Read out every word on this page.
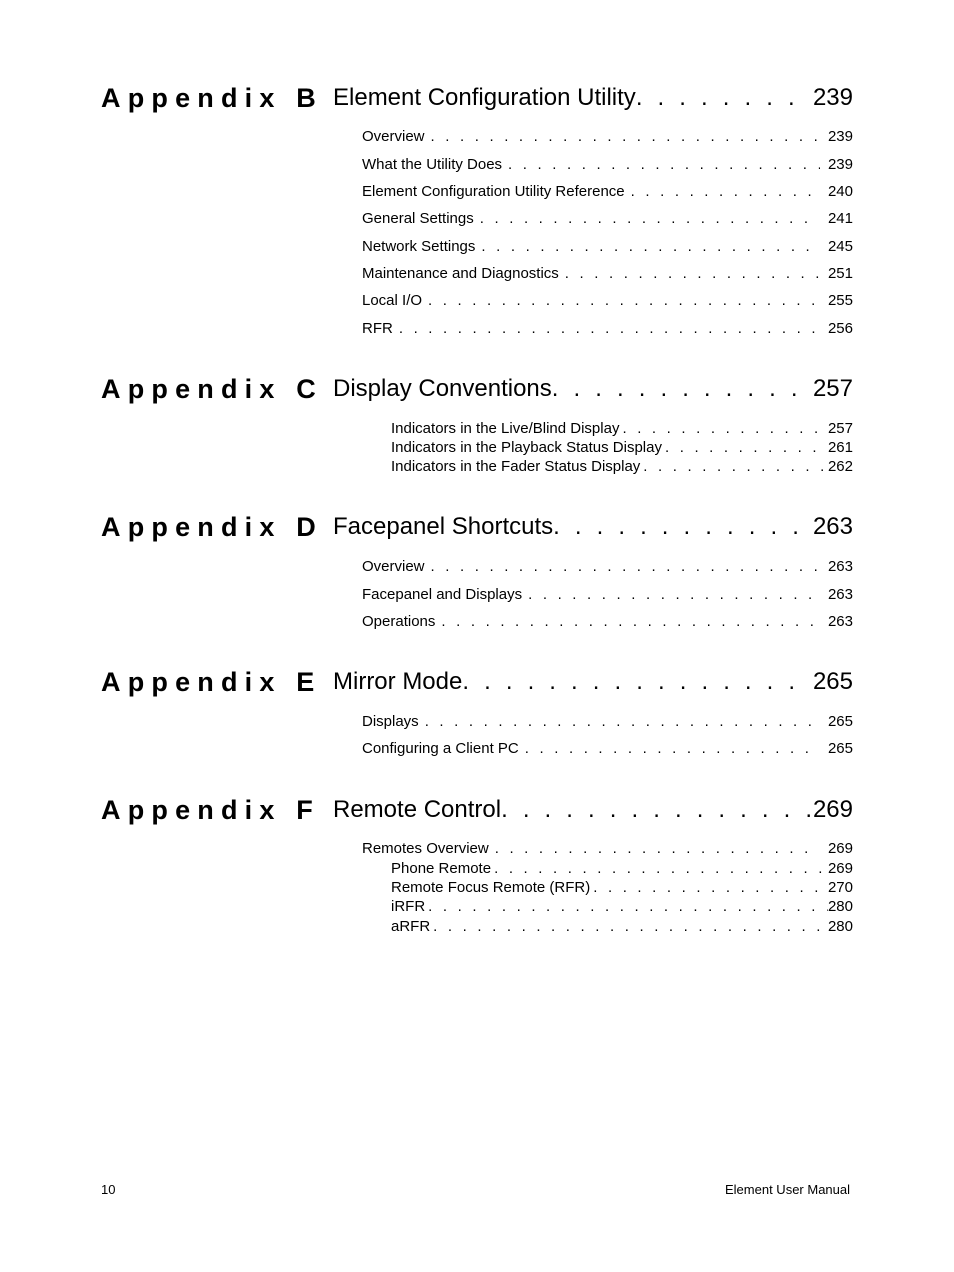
Appendix B Element Configuration Utility . . .	239
Overview . . .	239
What the Utility Does . . .	239
Element Configuration Utility Reference . . .	240
General Settings . . .	241
Network Settings . . .	245
Maintenance and Diagnostics . . .	251
Local I/O . . .	255
RFR . . .	256
Appendix C Display Conventions . . .	257
Indicators in the Live/Blind Display . . .	257
Indicators in the Playback Status Display . . .	261
Indicators in the Fader Status Display . . .	262
Appendix D Facepanel Shortcuts . . .	263
Overview . . .	263
Facepanel and Displays . . .	263
Operations . . .	263
Appendix E Mirror Mode . . .	265
Displays . . .	265
Configuring a Client PC . . .	265
Appendix F Remote Control . . .	269
Remotes Overview . . .	269
Phone Remote . . .	269
Remote Focus Remote (RFR) . . .	270
iRFR . . .	280
aRFR . . .	280
10	Element User Manual
